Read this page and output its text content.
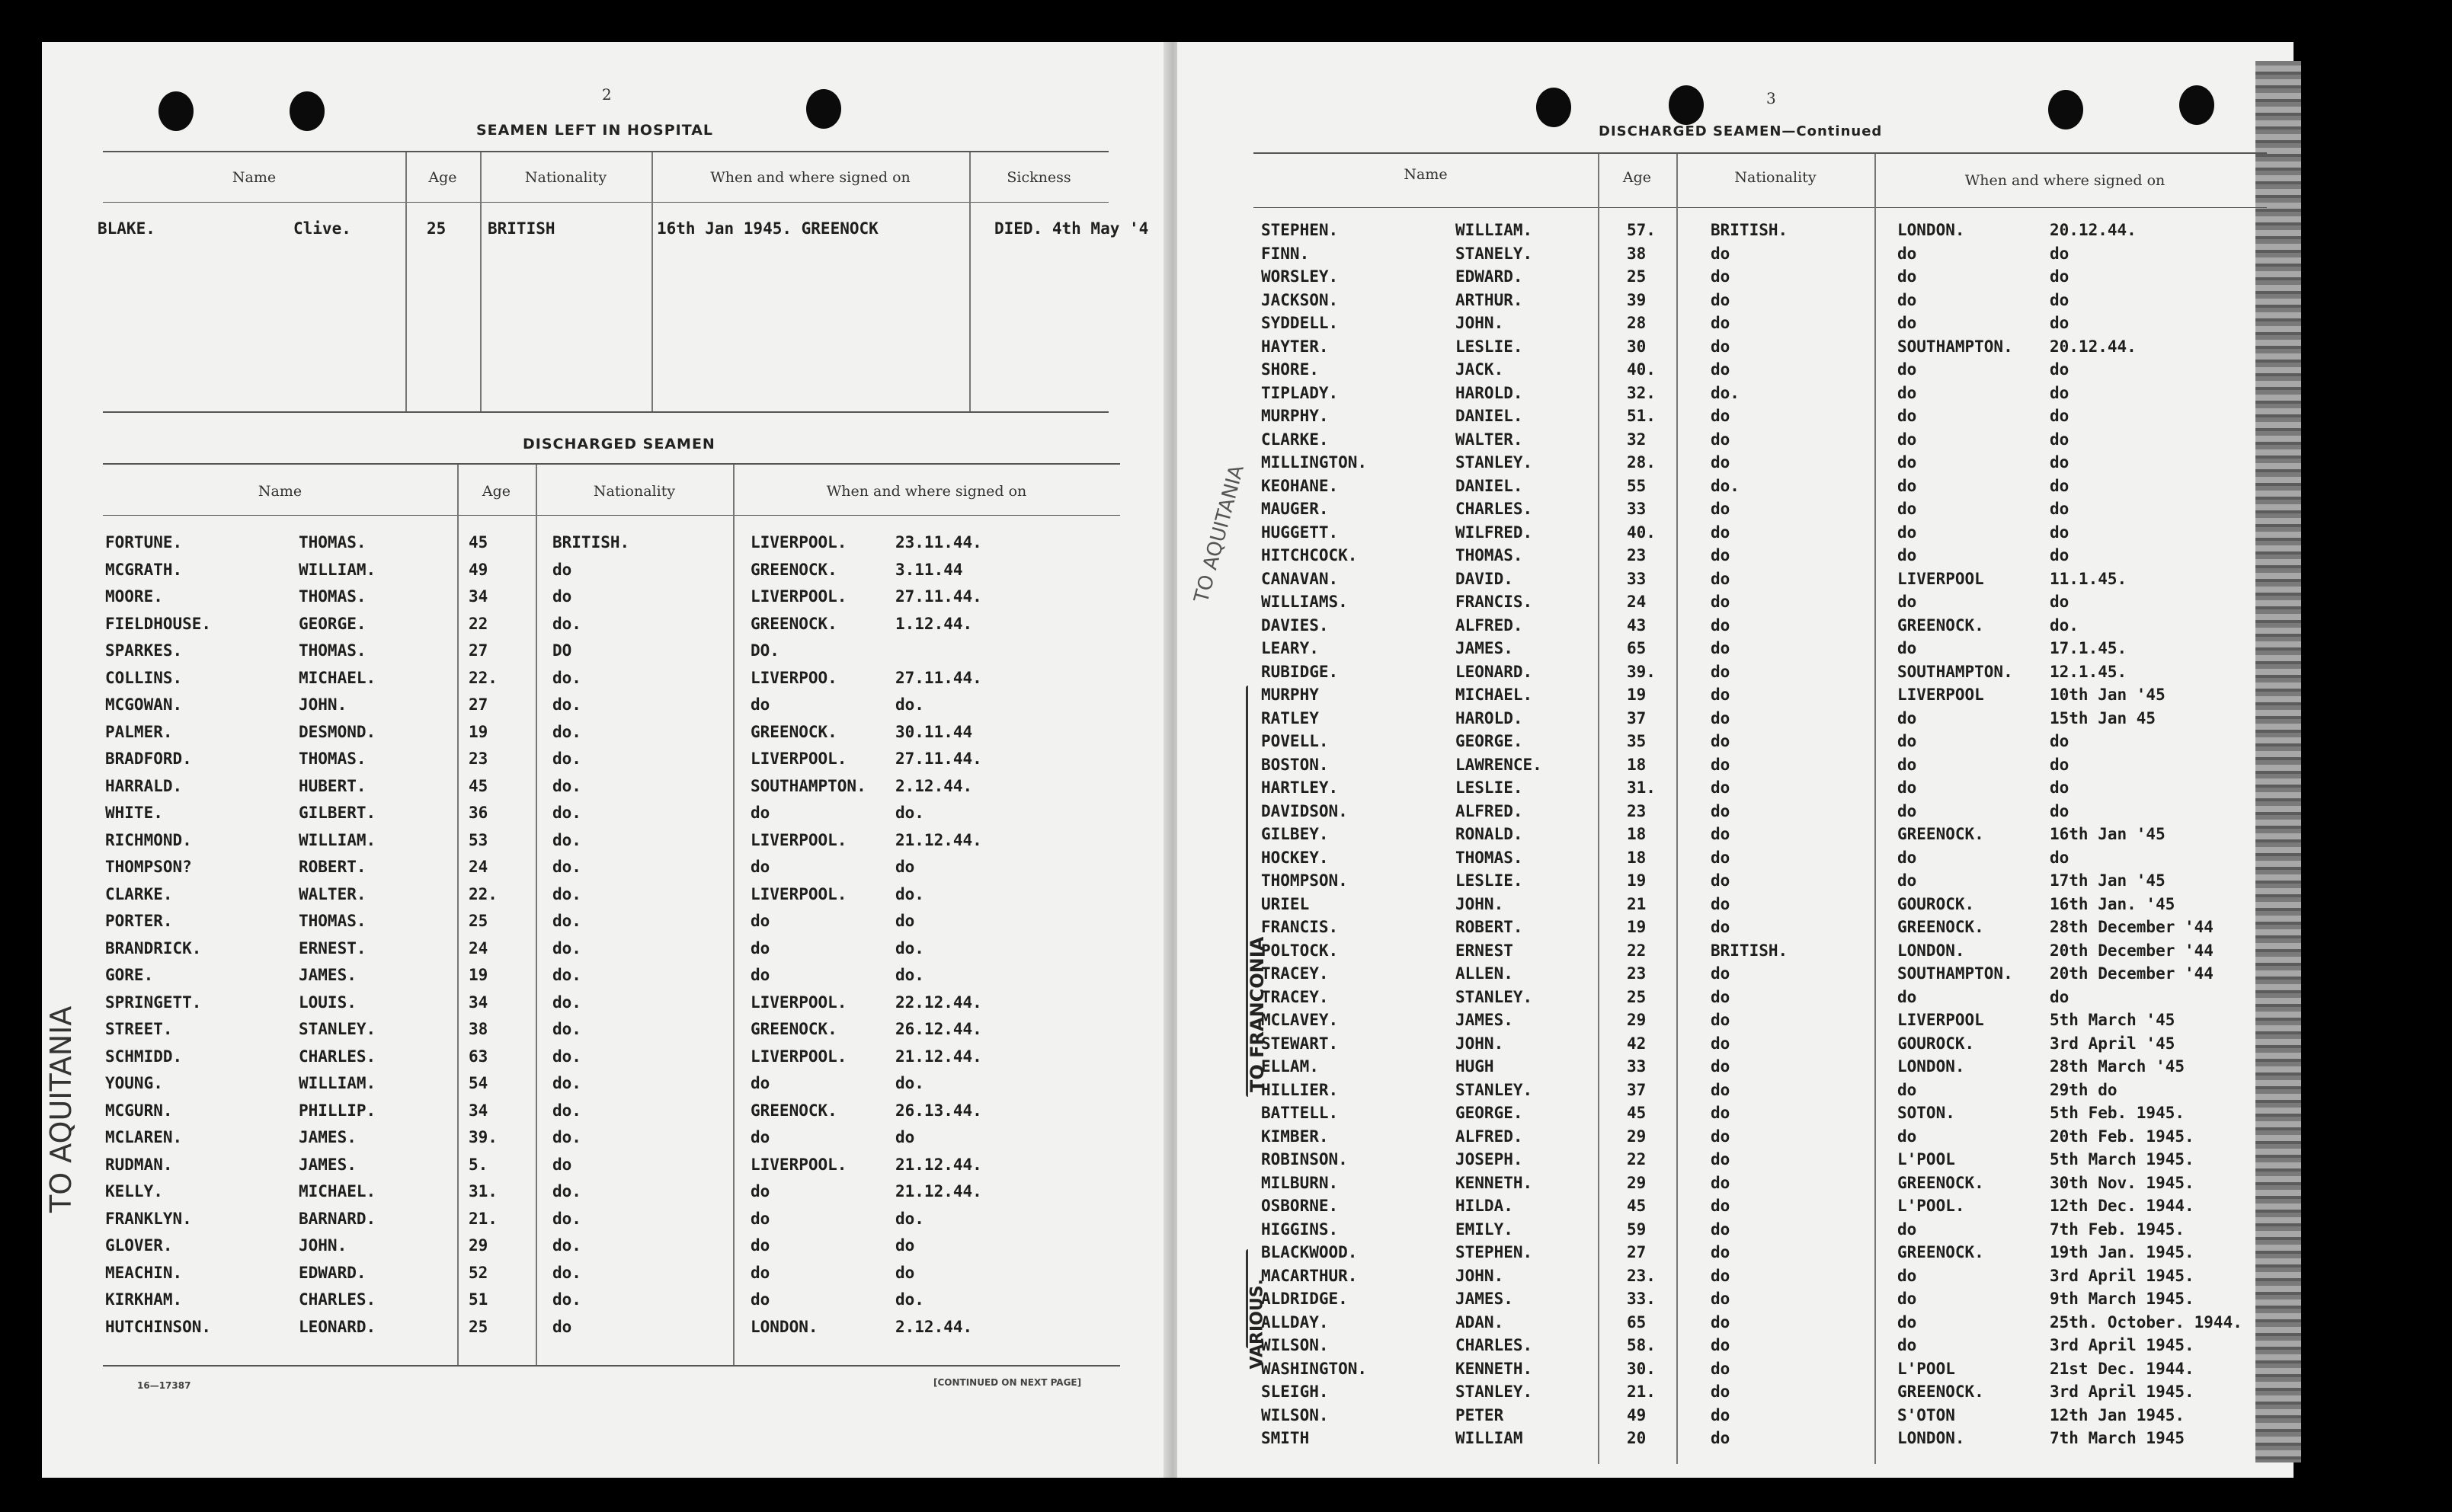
2
SEAMEN LEFT IN HOSPITAL
Name	Age	Nationality	When and where signed on	Sickness
BLAKE.	Clive.	25	BRITISH	16th Jan 1945. GREENOCK	DIED. 4th May '4
DISCHARGED SEAMEN
Name	Age	Nationality	When and where signed on
FORTUNE.	THOMAS.	45	BRITISH.	LIVERPOOL.	23.11.44.
MCGRATH.	WILLIAM.	49	do	GREENOCK.	3.11.44
MOORE.	THOMAS.	34	do	LIVERPOOL.	27.11.44.
FIELDHOUSE.	GEORGE.	22	do.	GREENOCK.	1.12.44.
SPARKES.	THOMAS.	27	DO	DO.
COLLINS.	MICHAEL.	22.	do.	LIVERPOO.	27.11.44.
MCGOWAN.	JOHN.	27	do.	do	do.
PALMER.	DESMOND.	19	do.	GREENOCK.	30.11.44
BRADFORD.	THOMAS.	23	do.	LIVERPOOL.	27.11.44.
HARRALD.	HUBERT.	45	do.	SOUTHAMPTON. 2.12.44.
WHITE.	GILBERT.	36	do.	do	do.
RICHMOND.	WILLIAM.	53	do.	LIVERPOOL.	21.12.44.
THOMPSON?	ROBERT.	24	do.	do	do
CLARKE.	WALTER.	22.	do.	LIVERPOOL.	do.
PORTER.	THOMAS.	25	do.	do	do
BRANDRICK.	ERNEST.	24	do.	do	do.
GORE.	JAMES.	19	do.	do	do.
SPRINGETT.	LOUIS.	34	do.	LIVERPOOL.	22.12.44.
STREET.	STANLEY.	38	do.	GREENOCK.	26.12.44.
SCHMIDD.	CHARLES.	63	do.	LIVERPOOL.	21.12.44.
YOUNG.	WILLIAM.	54	do.	do	do.
MCGURN.	PHILLIP.	34	do.	GREENOCK.	26.13.44.
MCLAREN.	JAMES.	39.	do.	do	do
RUDMAN.	JAMES.	5.	do	LIVERPOOL.	21.12.44.
KELLY.	MICHAEL.	31.	do.	do	21.12.44.
FRANKLYN.	BARNARD.	21.	do.	do	do.
GLOVER.	JOHN.	29	do.	do	do
MEACHIN.	EDWARD.	52	do.	do	do
KIRKHAM.	CHARLES.	51	do.	do	do.
HUTCHINSON.	LEONARD.	25	do	LONDON.	2.12.44.
16—17387	[CONTINUED ON NEXT PAGE]
TO AQUITANIA
3
DISCHARGED SEAMEN—Continued
Name	Age	Nationality	When and where signed on
STEPHEN.	WILLIAM.	57.	BRITISH.	LONDON.	20.12.44.
FINN.	STANELY.	38	do	do	do
WORSLEY.	EDWARD.	25	do	do	do
JACKSON.	ARTHUR.	39	do	do	do
SYDDELL.	JOHN.	28	do	do	do
HAYTER.	LESLIE.	30	do	SOUTHAMPTON. 20.12.44.
SHORE.	JACK.	40.	do	do	do
TIPLADY.	HAROLD.	32.	do.	do	do
MURPHY.	DANIEL.	51.	do	do	do
CLARKE.	WALTER.	32	do	do	do
MILLINGTON.	STANLEY.	28.	do	do	do
KEOHANE.	DANIEL.	55	do.	do	do
MAUGER.	CHARLES.	33	do	do	do
HUGGETT.	WILFRED.	40.	do	do	do
HITCHCOCK.	THOMAS.	23	do	do	do
CANAVAN.	DAVID.	33	do	LIVERPOOL	11.1.45.
WILLIAMS.	FRANCIS.	24	do	do	do
DAVIES.	ALFRED.	43	do	GREENOCK.	do.
LEARY.	JAMES.	65	do	do	17.1.45.
RUBIDGE.	LEONARD.	39.	do	SOUTHAMPTON. 12.1.45.
MURPHY	MICHAEL.	19	do	LIVERPOOL	10th Jan '45
RATLEY	HAROLD.	37	do	do	15th Jan 45
POVELL.	GEORGE.	35	do	do	do
BOSTON.	LAWRENCE.	18	do	do	do
HARTLEY.	LESLIE.	31.	do	do	do
DAVIDSON.	ALFRED.	23	do	do	do
GILBEY.	RONALD.	18	do	GREENOCK.	16th Jan '45
HOCKEY.	THOMAS.	18	do	do	do
THOMPSON.	LESLIE.	19	do	do	17th Jan '45
URIEL	JOHN.	21	do	GOUROCK.	16th Jan. '45
FRANCIS.	ROBERT.	19	do	GREENOCK.	28th December '44
POLTOCK.	ERNEST	22	BRITISH.	LONDON.	20th December '44
TRACEY.	ALLEN.	23	do	SOUTHAMPTON. 20th December '44
TRACEY.	STANLEY.	25	do	do	do
MCLAVEY.	JAMES.	29	do	LIVERPOOL	5th March '45
STEWART.	JOHN.	42	do	GOUROCK.	3rd April '45
ELLAM.	HUGH	33	do	LONDON.	28th March '45
HILLIER.	STANLEY.	37	do	do	29th do
BATTELL.	GEORGE.	45	do	SOTON.	5th Feb. 1945.
KIMBER.	ALFRED.	29	do	do	20th Feb. 1945.
ROBINSON.	JOSEPH.	22	do	L'POOL	5th March 1945.
MILBURN.	KENNETH.	29	do	GREENOCK.	30th Nov. 1945.
OSBORNE.	HILDA.	45	do	L'POOL.	12th Dec. 1944.
HIGGINS.	EMILY.	59	do	do	7th Feb. 1945.
BLACKWOOD.	STEPHEN.	27	do	GREENOCK.	19th Jan. 1945.
MACARTHUR.	JOHN.	23.	do	do	3rd April 1945.
ALDRIDGE.	JAMES.	33.	do	do	9th March 1945.
ALLDAY.	ADAN.	65	do	do	25th. October. 1944.
WILSON.	CHARLES.	58.	do	do	3rd April 1945.
WASHINGTON.	KENNETH.	30.	do	L'POOL	21st Dec. 1944.
SLEIGH.	STANLEY.	21.	do	GREENOCK.	3rd April 1945.
WILSON.	PETER	49	do	S'OTON	12th Jan 1945.
SMITH	WILLIAM	20	do	LONDON.	7th March 1945
TO AQUITANIA
TO FRANCONIA
VARIOUS.
